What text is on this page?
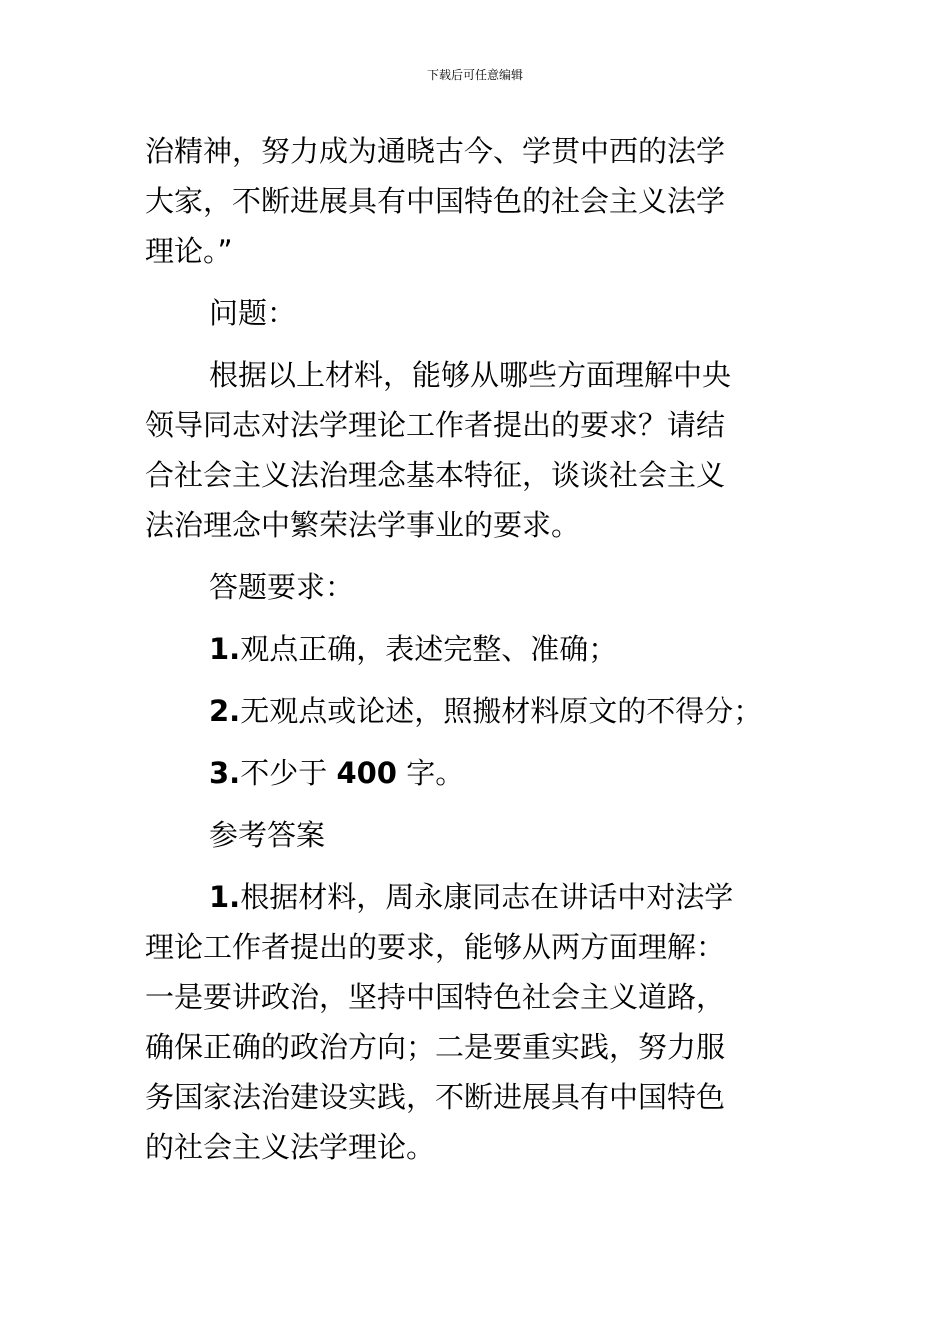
下载后可任意编辑
治精神，努力成为通晓古今、学贯中西的法学
大家，不断进展具有中国特色的社会主义法学
理论。”
问题：
根据以上材料，能够从哪些方面理解中央
领导同志对法学理论工作者提出的要求？请结
合社会主义法治理念基本特征，谈谈社会主义
法治理念中繁荣法学事业的要求。
答题要求：
1.观点正确，表述完整、准确；
2.无观点或论述，照搬材料原文的不得分；
3.不少于 400 字。
参考答案
1.根据材料，周永康同志在讲话中对法学
理论工作者提出的要求，能够从两方面理解：
一是要讲政治，坚持中国特色社会主义道路，
确保正确的政治方向；二是要重实践，努力服
务国家法治建设实践，不断进展具有中国特色
的社会主义法学理论。
